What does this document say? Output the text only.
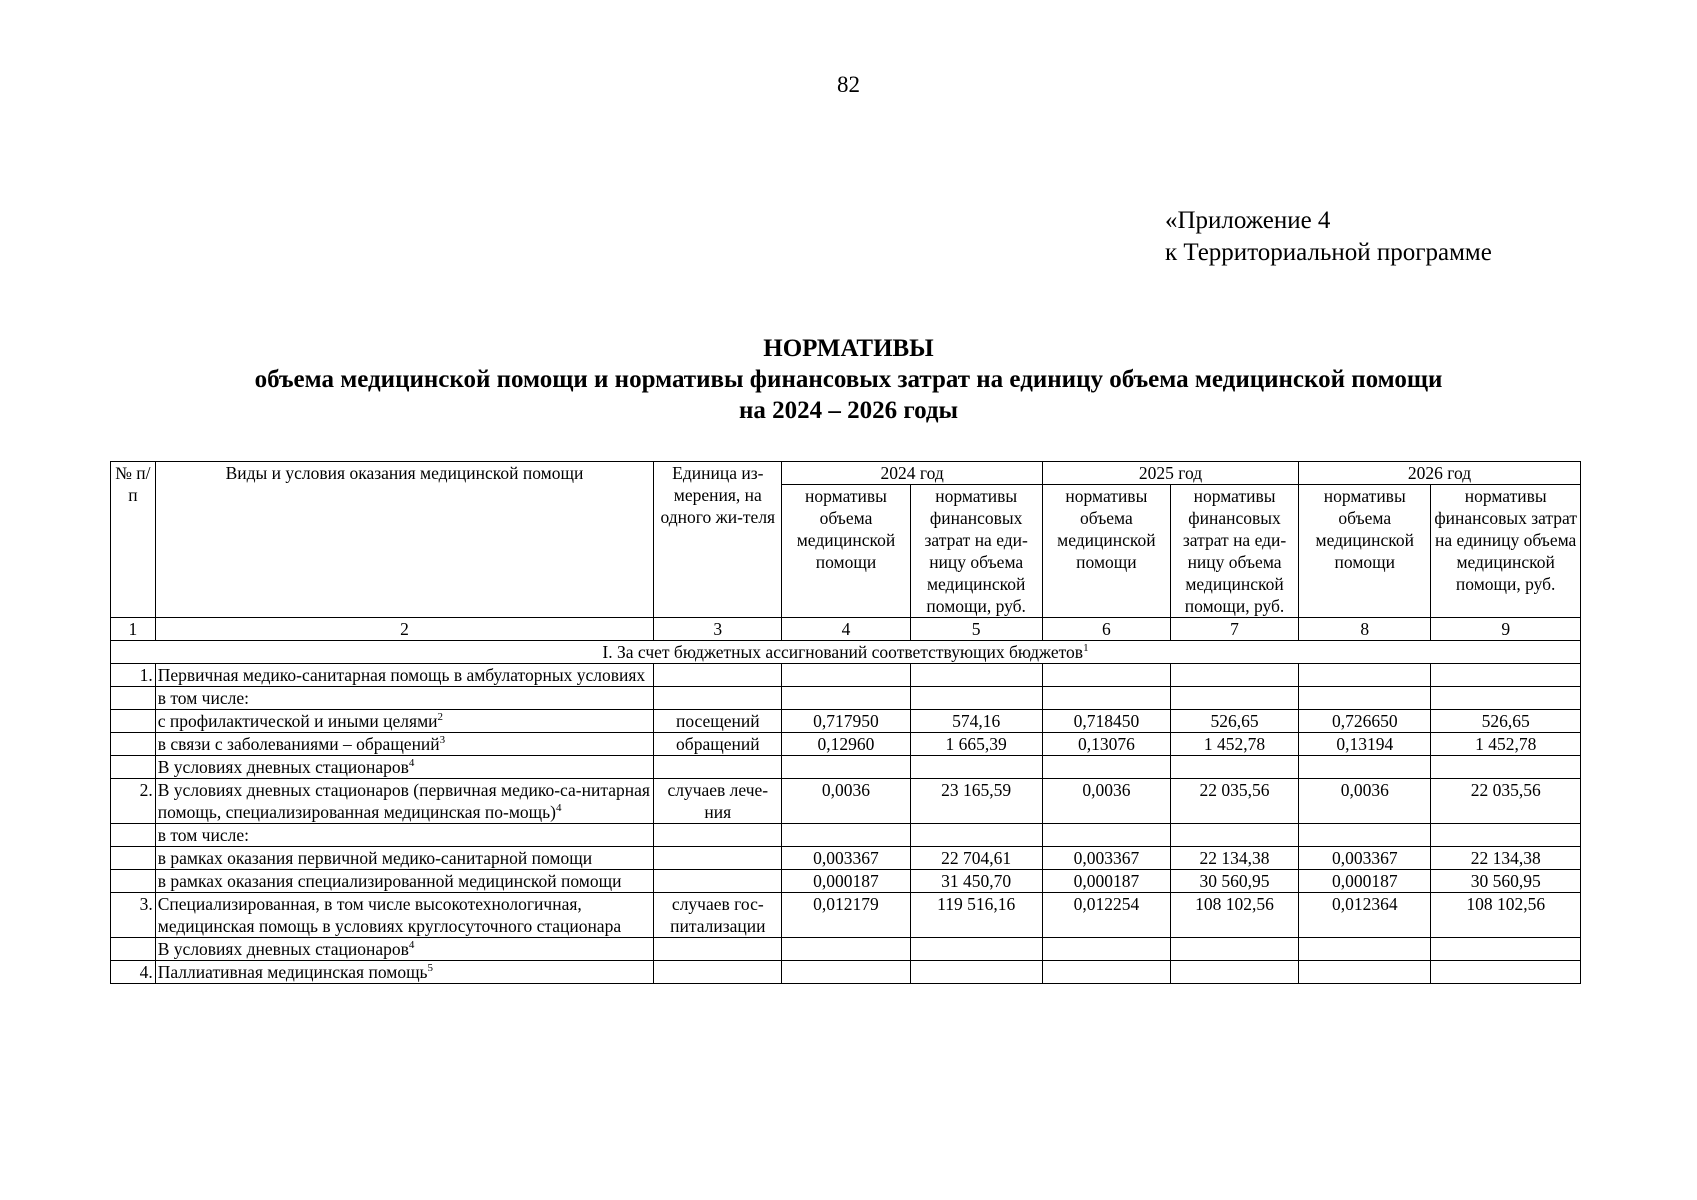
82
«Приложение 4
к Территориальной программе
НОРМАТИВЫ
объема медицинской помощи и нормативы финансовых затрат на единицу объема медицинской помощи
на 2024 – 2026 годы
№ п/п	Виды и условия оказания медицинской помощи	Единица из-мерения, на одного жи-теля	2024 год		2025 год		2026 год	
			нормативы объема медицинской помощи	нормативы финансовых затрат на еди-ницу объема медицинской помощи, руб.	нормативы объема медицинской помощи	нормативы финансовых затрат на еди-ницу объема медицинской помощи, руб.	нормативы объема медицинской помощи	нормативы финансовых затрат на единицу объема медицинской помощи, руб.
1	2	3	4	5	6	7	8	9
I. За счет бюджетных ассигнований соответствующих бюджетов$^1$
1.	Первичная медико-санитарная помощь в амбулаторных условиях							
	в том числе:							
	с профилактической и иными целями$^2$	посещений	0,717950	574,16	0,718450	526,65	0,726650	526,65
	в связи с заболеваниями – обращений$^3$	обращений	0,12960	1 665,39	0,13076	1 452,78	0,13194	1 452,78
	В условиях дневных стационаров$^4$							
2.	В условиях дневных стационаров (первичная медико-са-нитарная помощь, специализированная медицинская по-мощь)$^4$	случаев лече-ния	0,0036	23 165,59	0,0036	22 035,56	0,0036	22 035,56
	в том числе:							
	в рамках оказания первичной медико-санитарной помощи		0,003367	22 704,61	0,003367	22 134,38	0,003367	22 134,38
	в рамках оказания специализированной медицинской помощи		0,000187	31 450,70	0,000187	30 560,95	0,000187	30 560,95
3.	Специализированная, в том числе высокотехнологичная, медицинская помощь в условиях круглосуточного стационара	случаев гос-питализации	0,012179	119 516,16	0,012254	108 102,56	0,012364	108 102,56
	В условиях дневных стационаров$^4$							
4.	Паллиативная медицинская помощь$^5$							
